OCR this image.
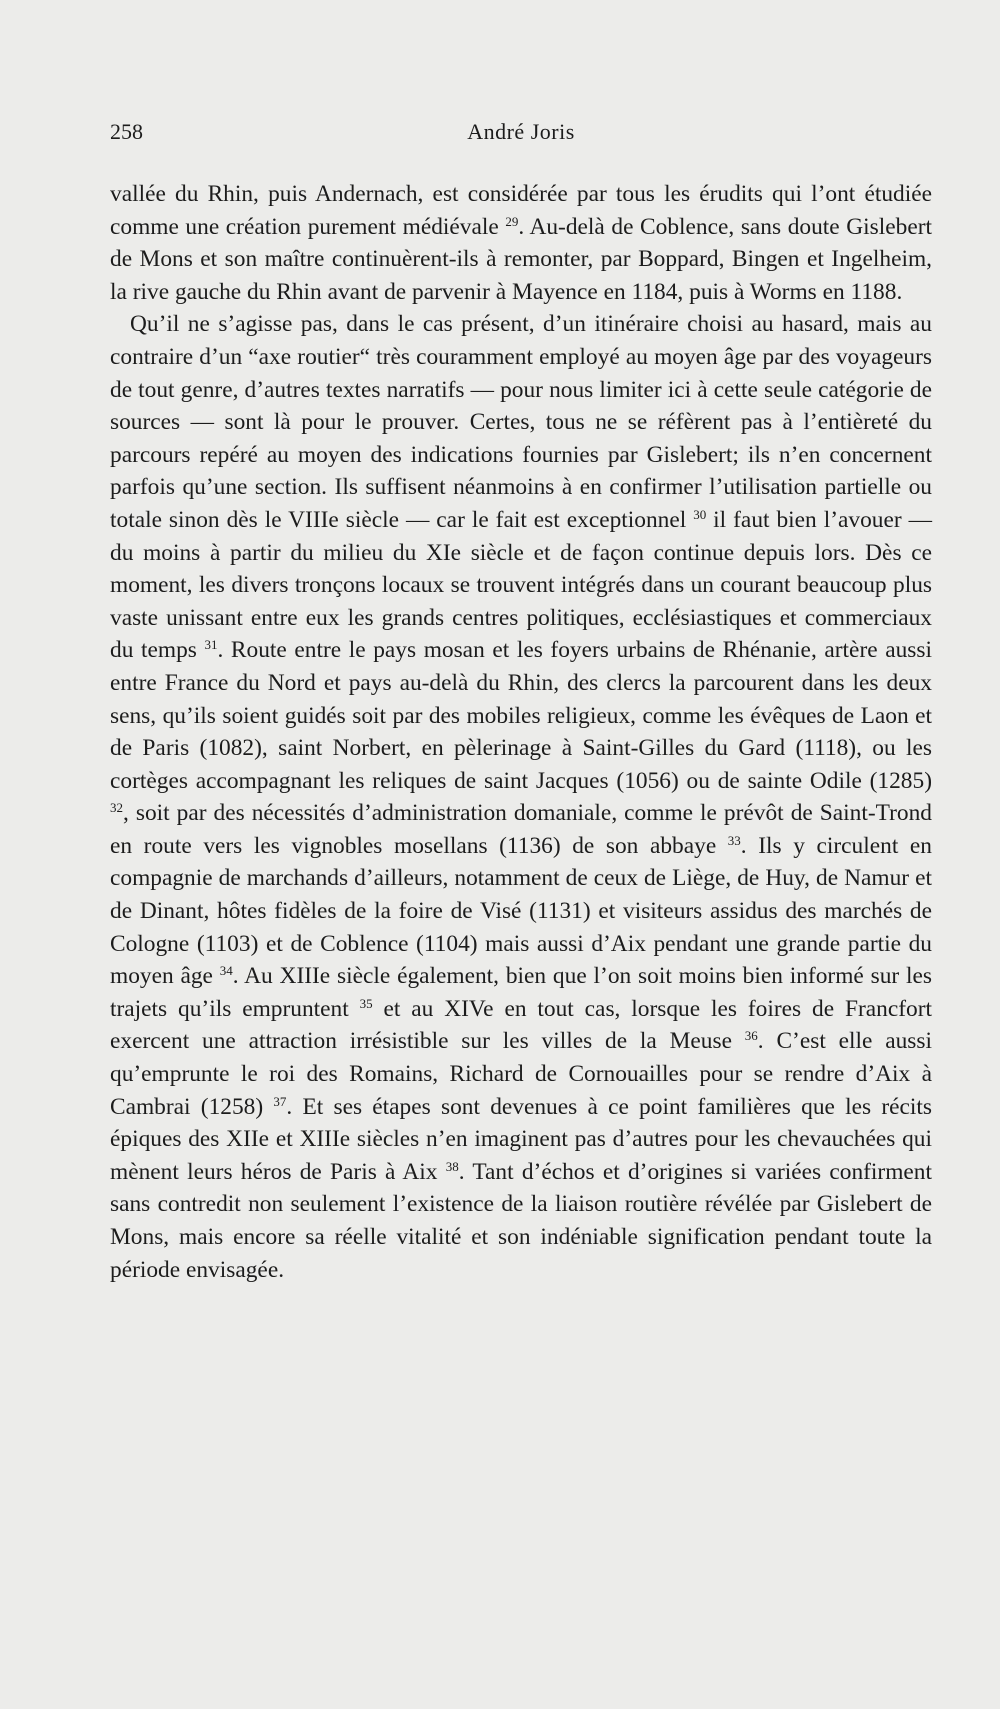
258	André Joris

vallée du Rhin, puis Andernach, est considérée par tous les érudits qui l’ont étudiée comme une création purement médiévale $^{29}$. Au-delà de Coblence, sans doute Gislebert de Mons et son maître continuèrent-ils à remonter, par Boppard, Bingen et Ingelheim, la rive gauche du Rhin avant de parvenir à Mayence en 1184, puis à Worms en 1188.

Qu’il ne s’agisse pas, dans le cas présent, d’un itinéraire choisi au hasard, mais au contraire d’un “axe routier“ très couramment employé au moyen âge par des voyageurs de tout genre, d’autres textes narratifs — pour nous limiter ici à cette seule catégorie de sources — sont là pour le prouver. Certes, tous ne se réfèrent pas à l’entièreté du parcours repéré au moyen des indications fournies par Gislebert; ils n’en concernent parfois qu’une section. Ils suffisent néanmoins à en confirmer l’utilisation partielle ou totale sinon dès le VIIIe siècle — car le fait est exceptionnel $^{30}$ il faut bien l’avouer — du moins à partir du milieu du XIe siècle et de façon continue depuis lors. Dès ce moment, les divers tronçons locaux se trouvent intégrés dans un courant beaucoup plus vaste unissant entre eux les grands centres politiques, ecclésiastiques et commerciaux du temps $^{31}$. Route entre le pays mosan et les foyers urbains de Rhénanie, artère aussi entre France du Nord et pays au-delà du Rhin, des clercs la parcourent dans les deux sens, qu’ils soient guidés soit par des mobiles religieux, comme les évêques de Laon et de Paris (1082), saint Norbert, en pèlerinage à Saint-Gilles du Gard (1118), ou les cortèges accompagnant les reliques de saint Jacques (1056) ou de sainte Odile (1285) $^{32}$, soit par des nécessités d’administration domaniale, comme le prévôt de Saint-Trond en route vers les vignobles mosellans (1136) de son abbaye $^{33}$. Ils y circulent en compagnie de marchands d’ailleurs, notamment de ceux de Liège, de Huy, de Namur et de Dinant, hôtes fidèles de la foire de Visé (1131) et visiteurs assidus des marchés de Cologne (1103) et de Coblence (1104) mais aussi d’Aix pendant une grande partie du moyen âge $^{34}$. Au XIIIe siècle également, bien que l’on soit moins bien informé sur les trajets qu’ils empruntent $^{35}$ et au XIVe en tout cas, lorsque les foires de Francfort exercent une attraction irrésistible sur les villes de la Meuse $^{36}$. C’est elle aussi qu’emprunte le roi des Romains, Richard de Cornouailles pour se rendre d’Aix à Cambrai (1258) $^{37}$. Et ses étapes sont devenues à ce point familières que les récits épiques des XIIe et XIIIe siècles n’en imaginent pas d’autres pour les chevauchées qui mènent leurs héros de Paris à Aix $^{38}$. Tant d’échos et d’origines si variées confirment sans contredit non seulement l’existence de la liaison routière révélée par Gislebert de Mons, mais encore sa réelle vitalité et son indéniable signification pendant toute la période envisagée.
